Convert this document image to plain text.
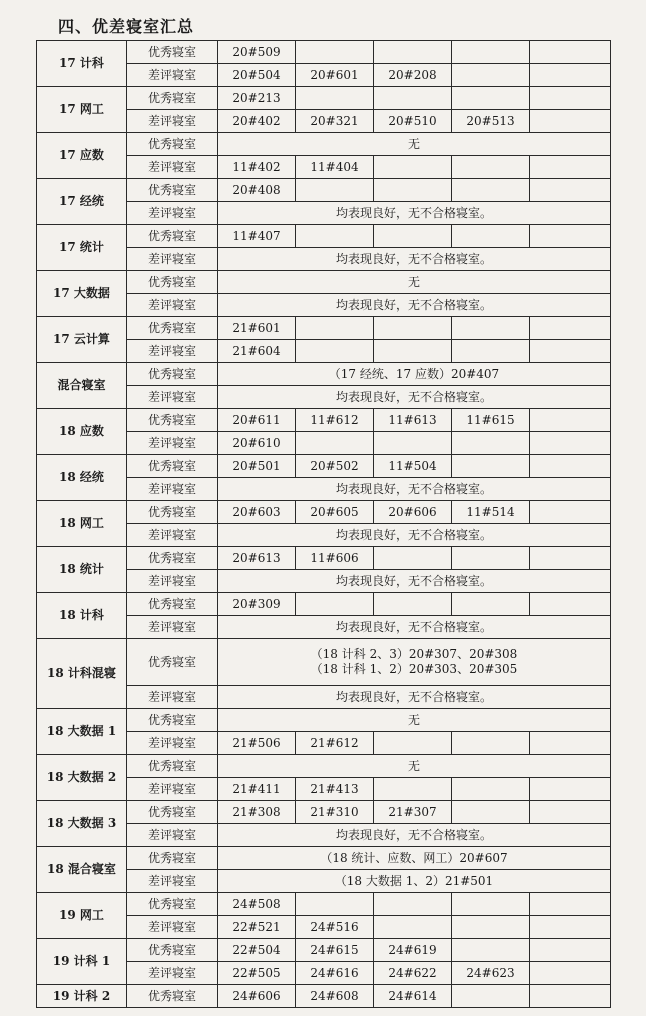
四、优差寝室汇总
17 计科	优秀寝室	20#509				
	差评寝室	20#504	20#601	20#208		
17 网工	优秀寝室	20#213				
	差评寝室	20#402	20#321	20#510	20#513	
17 应数	优秀寝室	无				
	差评寝室	11#402	11#404			
17 经统	优秀寝室	20#408				
	差评寝室	均表现良好，无不合格寝室。				
17 统计	优秀寝室	11#407				
	差评寝室	均表现良好，无不合格寝室。				
17 大数据	优秀寝室	无				
	差评寝室	均表现良好，无不合格寝室。				
17 云计算	优秀寝室	21#601				
	差评寝室	21#604				
混合寝室	优秀寝室	（17 经统、17 应数）20#407				
	差评寝室	均表现良好，无不合格寝室。				
18 应数	优秀寝室	20#611	11#612	11#613	11#615	
	差评寝室	20#610				
18 经统	优秀寝室	20#501	20#502	11#504		
	差评寝室	均表现良好，无不合格寝室。				
18 网工	优秀寝室	20#603	20#605	20#606	11#514	
	差评寝室	均表现良好，无不合格寝室。				
18 统计	优秀寝室	20#613	11#606			
	差评寝室	均表现良好，无不合格寝室。				
18 计科	优秀寝室	20#309				
	差评寝室	均表现良好，无不合格寝室。				
18 计科混寝	优秀寝室	（18 计科 2、3）20#307、20#308
（18 计科 1、2）20#303、20#305				

	差评寝室	均表现良好，无不合格寝室。				
18 大数据 1	优秀寝室	无				
	差评寝室	21#506	21#612			
18 大数据 2	优秀寝室	无				
	差评寝室	21#411	21#413			
18 大数据 3	优秀寝室	21#308	21#310	21#307		
	差评寝室	均表现良好，无不合格寝室。				
18 混合寝室	优秀寝室	（18 统计、应数、网工）20#607				
	差评寝室	（18 大数据 1、2）21#501				
19 网工	优秀寝室	24#508				
	差评寝室	22#521	24#516			
19 计科 1	优秀寝室	22#504	24#615	24#619		
	差评寝室	22#505	24#616	24#622	24#623	
19 计科 2	优秀寝室	24#606	24#608	24#614		
